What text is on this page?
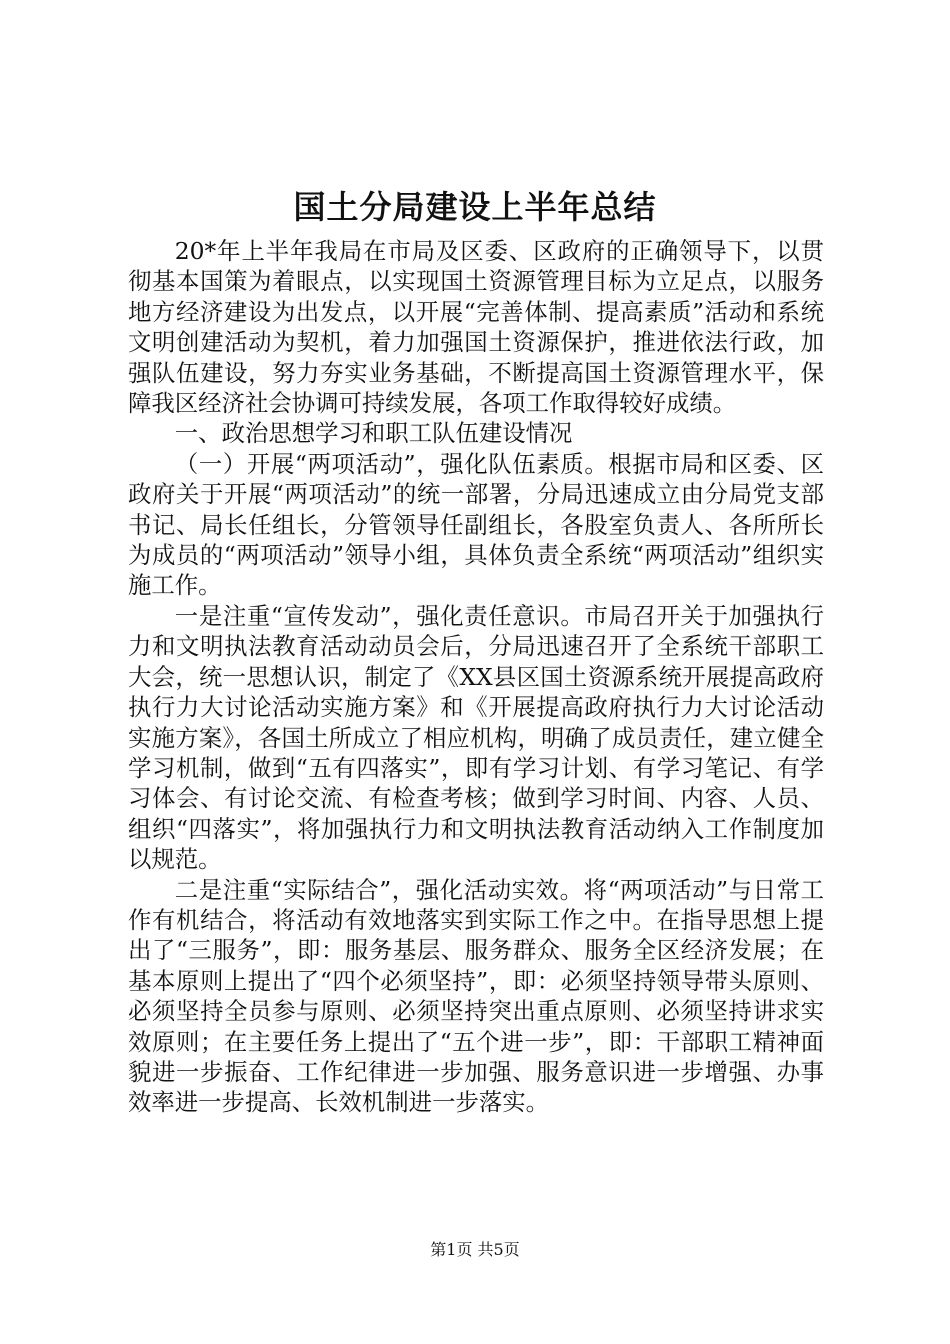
国土分局建设上半年总结

20*年上半年我局在市局及区委、区政府的正确领导下，以贯彻基本国策为着眼点，以实现国土资源管理目标为立足点，以服务地方经济建设为出发点，以开展“完善体制、提高素质”活动和系统文明创建活动为契机，着力加强国土资源保护，推进依法行政，加强队伍建设，努力夯实业务基础，不断提高国土资源管理水平，保障我区经济社会协调可持续发展，各项工作取得较好成绩。

一、政治思想学习和职工队伍建设情况

（一）开展“两项活动”，强化队伍素质。根据市局和区委、区政府关于开展“两项活动”的统一部署，分局迅速成立由分局党支部书记、局长任组长，分管领导任副组长，各股室负责人、各所所长为成员的“两项活动”领导小组，具体负责全系统“两项活动”组织实施工作。

一是注重“宣传发动”，强化责任意识。市局召开关于加强执行力和文明执法教育活动动员会后，分局迅速召开了全系统干部职工大会，统一思想认识，制定了《XX县区国土资源系统开展提高政府执行力大讨论活动实施方案》和《开展提高政府执行力大讨论活动实施方案》，各国土所成立了相应机构，明确了成员责任，建立健全学习机制，做到“五有四落实”，即有学习计划、有学习笔记、有学习体会、有讨论交流、有检查考核；做到学习时间、内容、人员、组织“四落实”，将加强执行力和文明执法教育活动纳入工作制度加以规范。

二是注重“实际结合”，强化活动实效。将“两项活动”与日常工作有机结合，将活动有效地落实到实际工作之中。在指导思想上提出了“三服务”，即：服务基层、服务群众、服务全区经济发展；在基本原则上提出了“四个必须坚持”，即：必须坚持领导带头原则、必须坚持全员参与原则、必须坚持突出重点原则、必须坚持讲求实效原则；在主要任务上提出了“五个进一步”，即：干部职工精神面貌进一步振奋、工作纪律进一步加强、服务意识进一步增强、办事效率进一步提高、长效机制进一步落实。

第1页 共5页
